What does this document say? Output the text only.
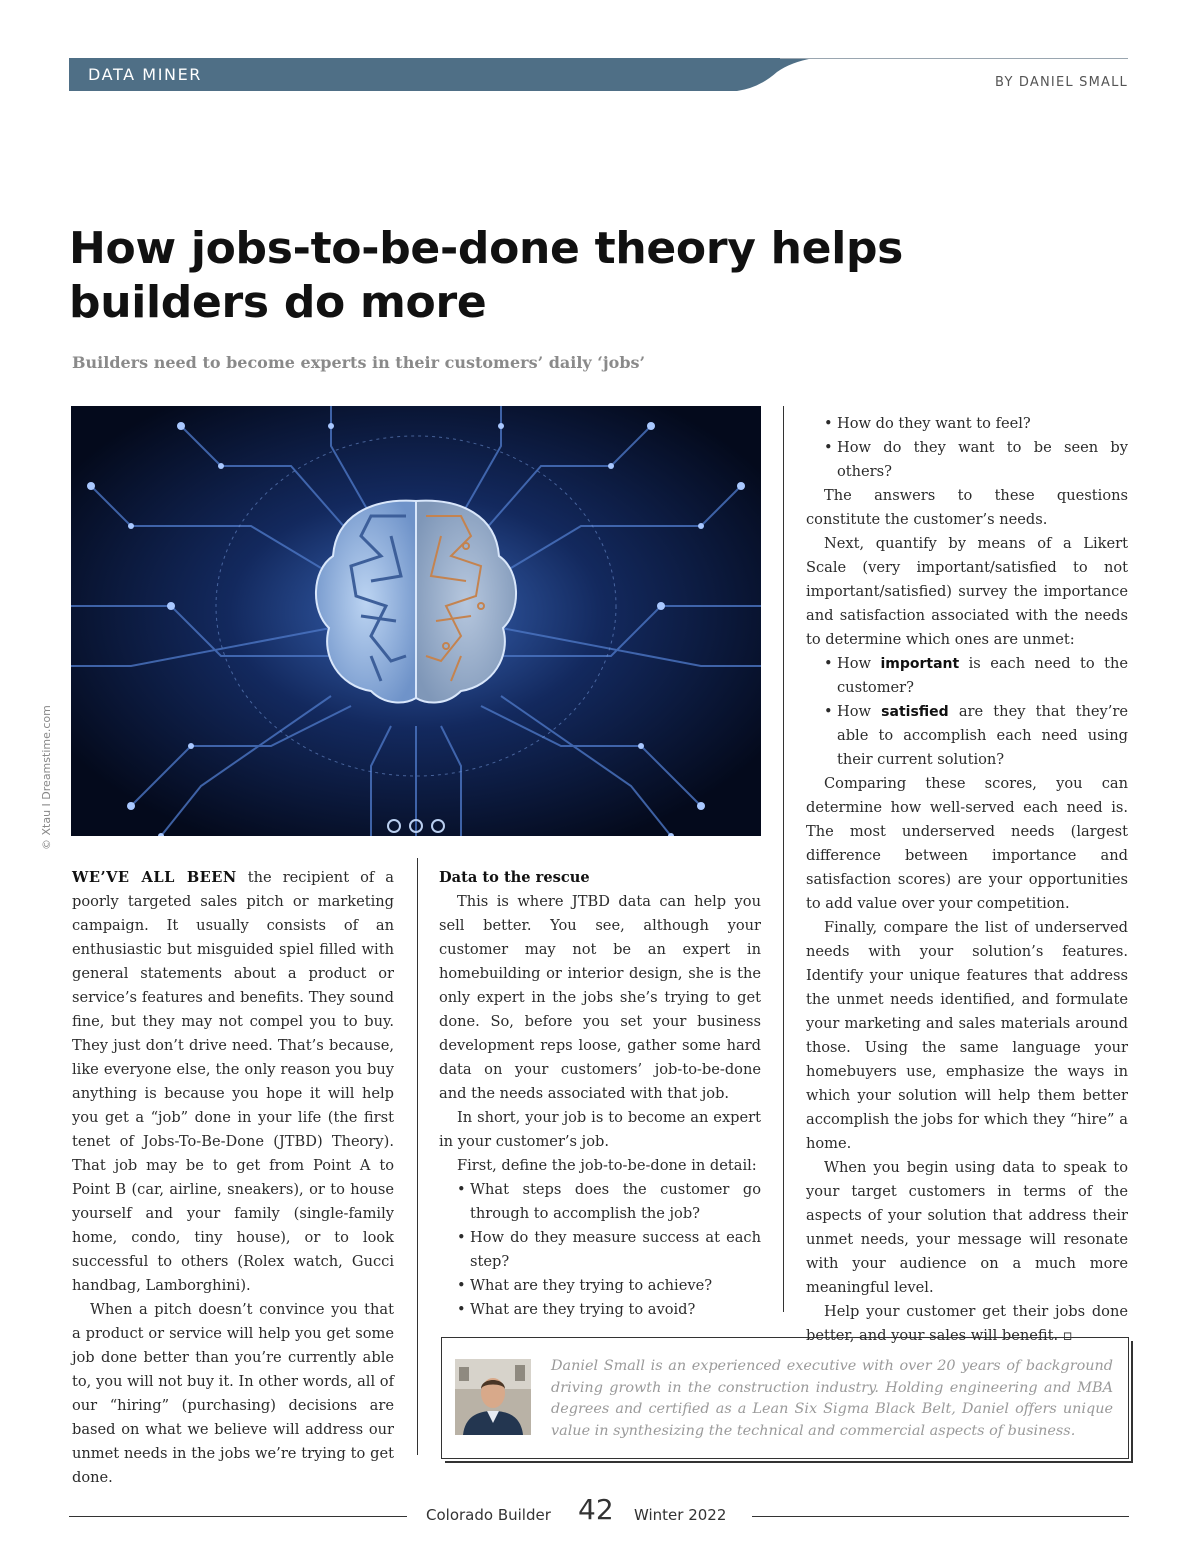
DATA MINER	BY DANIEL SMALL
How jobs-to-be-done theory helps builders do more
Builders need to become experts in their customers’ daily ‘jobs’
© Xtau I Dreamstime.com

WE’VE ALL BEEN the recipient of a poorly targeted sales pitch or marketing campaign. It usually consists of an enthusiastic but misguided spiel filled with general statements about a product or service’s features and benefits. They sound fine, but they may not compel you to buy. They just don’t drive need. That’s because, like everyone else, the only reason you buy anything is because you hope it will help you get a “job” done in your life (the first tenet of Jobs-To-Be-Done (JTBD) Theory). That job may be to get from Point A to Point B (car, airline, sneakers), or to house yourself and your family (single-family home, condo, tiny house), or to look successful to others (Rolex watch, Gucci handbag, Lamborghini).

When a pitch doesn’t convince you that a product or service will help you get some job done better than you’re currently able to, you will not buy it. In other words, all of our “hiring” (purchasing) decisions are based on what we believe will address our unmet needs in the jobs we’re trying to get done.

Data to the rescue

This is where JTBD data can help you sell better. You see, although your customer may not be an expert in homebuilding or interior design, she is the only expert in the jobs she’s trying to get done. So, before you set your business development reps loose, gather some hard data on your customers’ job-to-be-done and the needs associated with that job.

In short, your job is to become an expert in your customer’s job.

First, define the job-to-be-done in detail:

• What steps does the customer go through to accomplish the job?
• How do they measure success at each step?
• What are they trying to achieve?
• What are they trying to avoid?
• How do they want to feel?
• How do they want to be seen by others?

The answers to these questions constitute the customer’s needs.

Next, quantify by means of a Likert Scale (very important/satisfied to not important/satisfied) survey the importance and satisfaction associated with the needs to determine which ones are unmet:

• How important is each need to the customer?
• How satisfied are they that they’re able to accomplish each need using their current solution?

Comparing these scores, you can determine how well-served each need is. The most underserved needs (largest difference between importance and satisfaction scores) are your opportunities to add value over your competition.

Finally, compare the list of underserved needs with your solution’s features. Identify your unique features that address the unmet needs identified, and formulate your marketing and sales materials around those. Using the same language your homebuyers use, emphasize the ways in which your solution will help them better accomplish the jobs for which they “hire” a home.

When you begin using data to speak to your target customers in terms of the aspects of your solution that address their unmet needs, your message will resonate with your audience on a much more meaningful level.

Help your customer get their jobs done better, and your sales will benefit. ▫

Daniel Small is an experienced executive with over 20 years of background driving growth in the construction industry. Holding engineering and MBA degrees and certified as a Lean Six Sigma Black Belt, Daniel offers unique value in synthesizing the technical and commercial aspects of business.

Colorado Builder 42 Winter 2022
